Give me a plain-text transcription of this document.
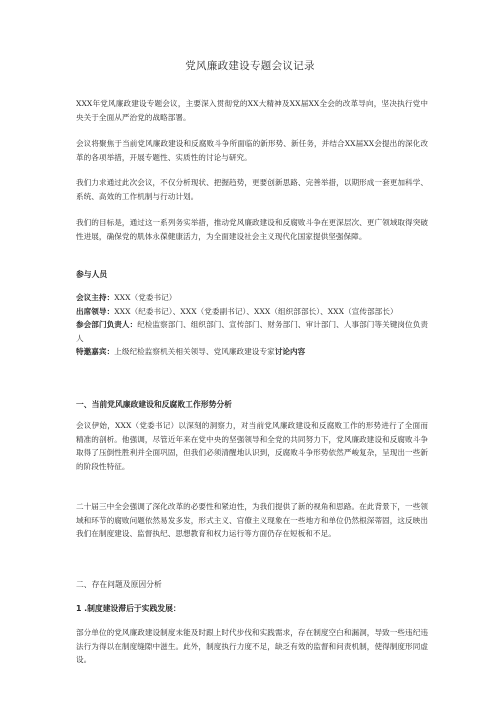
党风廉政建设专题会议记录
XXX年党风廉政建设专题会议，主要深入贯彻党的XX大精神及XX届XX全会的改革导向，坚决执行党中央关于全面从严治党的战略部署。
会议将聚焦于当前党风廉政建设和反腐败斗争所面临的新形势、新任务，并结合XX届XX会提出的深化改革的各项举措，开展专题性、实质性的讨论与研究。
我们力求通过此次会议，不仅分析现状、把握趋势，更要创新思路、完善举措，以期形成一套更加科学、系统、高效的工作机制与行动计划。
我们的目标是，通过这一系列务实举措，推动党风廉政建设和反腐败斗争在更深层次、更广领域取得突破性进展，确保党的肌体永葆健康活力，为全面建设社会主义现代化国家提供坚强保障。
参与人员
会议主持：XXX（党委书记）
出席领导：XXX（纪委书记）、XXX（党委副书记）、XXX（组织部部长）、XXX（宣传部部长）
参会部门负责人：纪检监察部门、组织部门、宣传部门、财务部门、审计部门、人事部门等关键岗位负责人
特邀嘉宾：上级纪检监察机关相关领导、党风廉政建设专家讨论内容
一、当前党风廉政建设和反腐败工作形势分析
会议伊始，XXX（党委书记）以深刻的洞察力，对当前党风廉政建设和反腐败工作的形势进行了全面而精准的剖析。他强调，尽管近年来在党中央的坚强领导和全党的共同努力下，党风廉政建设和反腐败斗争取得了压倒性胜利并全面巩固，但我们必须清醒地认识到，反腐败斗争形势依然严峻复杂，呈现出一些新的阶段性特征。
二十届三中全会强调了深化改革的必要性和紧迫性，为我们提供了新的视角和思路。在此背景下，一些领域和环节的腐败问题依然易发多发，形式主义、官僚主义现象在一些地方和单位仍然根深蒂固，这反映出我们在制度建设、监督执纪、思想教育和权力运行等方面仍存在短板和不足。
二、存在问题及原因分析
1 .制度建设滞后于实践发展：
部分单位的党风廉政建设制度未能及时跟上时代步伐和实践需求，存在制度空白和漏洞，导致一些违纪违法行为得以在制度缝隙中滋生。此外，制度执行力度不足，缺乏有效的监督和问责机制，使得制度形同虚设。
